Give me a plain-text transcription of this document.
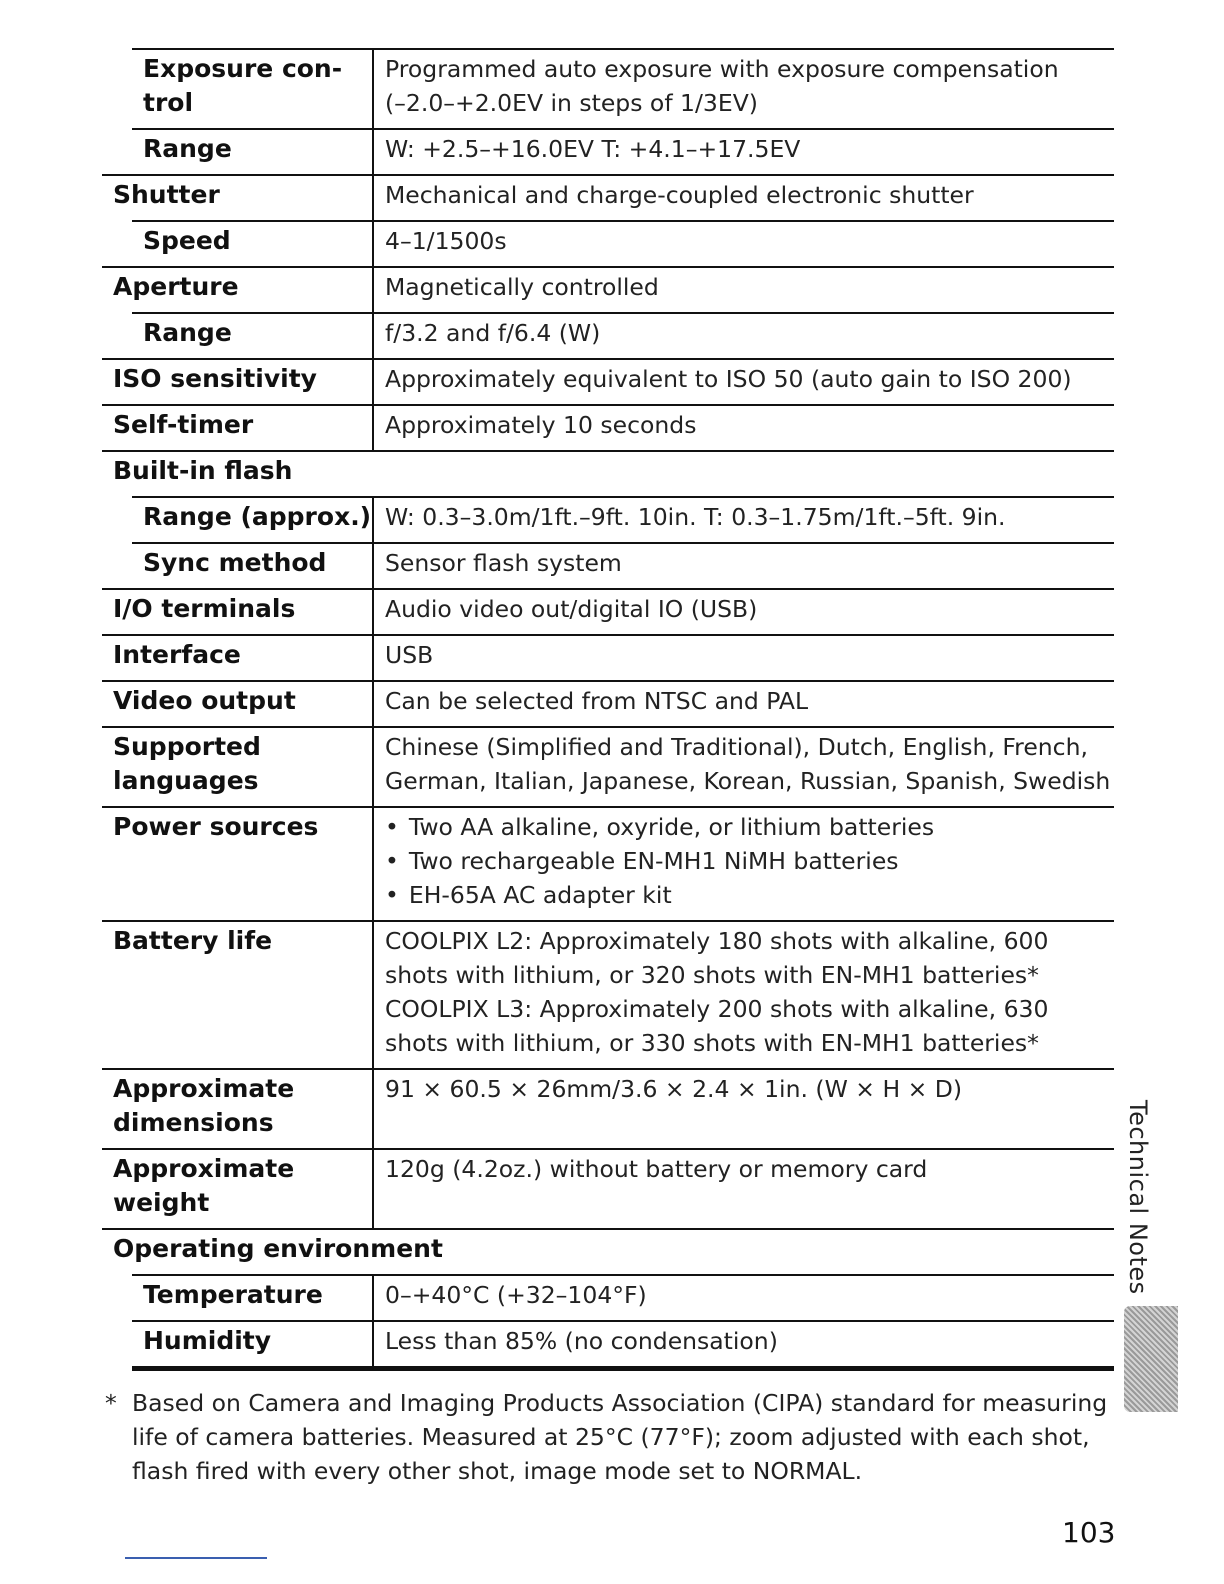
Exposure con-
trol
Programmed auto exposure with exposure compensation
(–2.0–+2.0EV in steps of 1/3EV)
Range	W: +2.5–+16.0EV T: +4.1–+17.5EV
Shutter	Mechanical and charge-coupled electronic shutter
Speed	4–1/1500s
Aperture	Magnetically controlled
Range	f/3.2 and f/6.4 (W)
ISO sensitivity	Approximately equivalent to ISO 50 (auto gain to ISO 200)
Self-timer	Approximately 10 seconds
Built-in flash
Range (approx.) W: 0.3–3.0m/1ft.–9ft. 10in. T: 0.3–1.75m/1ft.–5ft. 9in.
Sync method	Sensor flash system
I/O terminals	Audio video out/digital IO (USB)
Interface	USB
Video output	Can be selected from NTSC and PAL
Supported
languages
Chinese (Simplified and Traditional), Dutch, English, French,
German, Italian, Japanese, Korean, Russian, Spanish, Swedish
Power sources
•	Two AA alkaline, oxyride, or lithium batteries
• Two rechargeable EN-MH1 NiMH batteries
• EH-65A AC adapter kit
Battery life	COOLPIX L2: Approximately 180 shots with alkaline, 600
shots with lithium, or 320 shots with EN-MH1 batteries*
COOLPIX L3: Approximately 200 shots with alkaline, 630
shots with lithium, or 330 shots with EN-MH1 batteries*
Approximate
dimensions
91 × 60.5 × 26mm/3.6 × 2.4 × 1in. (W × H × D)
Approximate
weight
120g (4.2oz.) without battery or memory card
Operating environment
Temperature	0–+40°C (+32–104°F)
Humidity	Less than 85% (no condensation)
* Based on Camera and Imaging Products Association (CIPA) standard for measuring
life of camera batteries. Measured at 25°C (77°F); zoom adjusted with each shot,
flash fired with every other shot, image mode set to NORMAL.
Technical Notes
103
